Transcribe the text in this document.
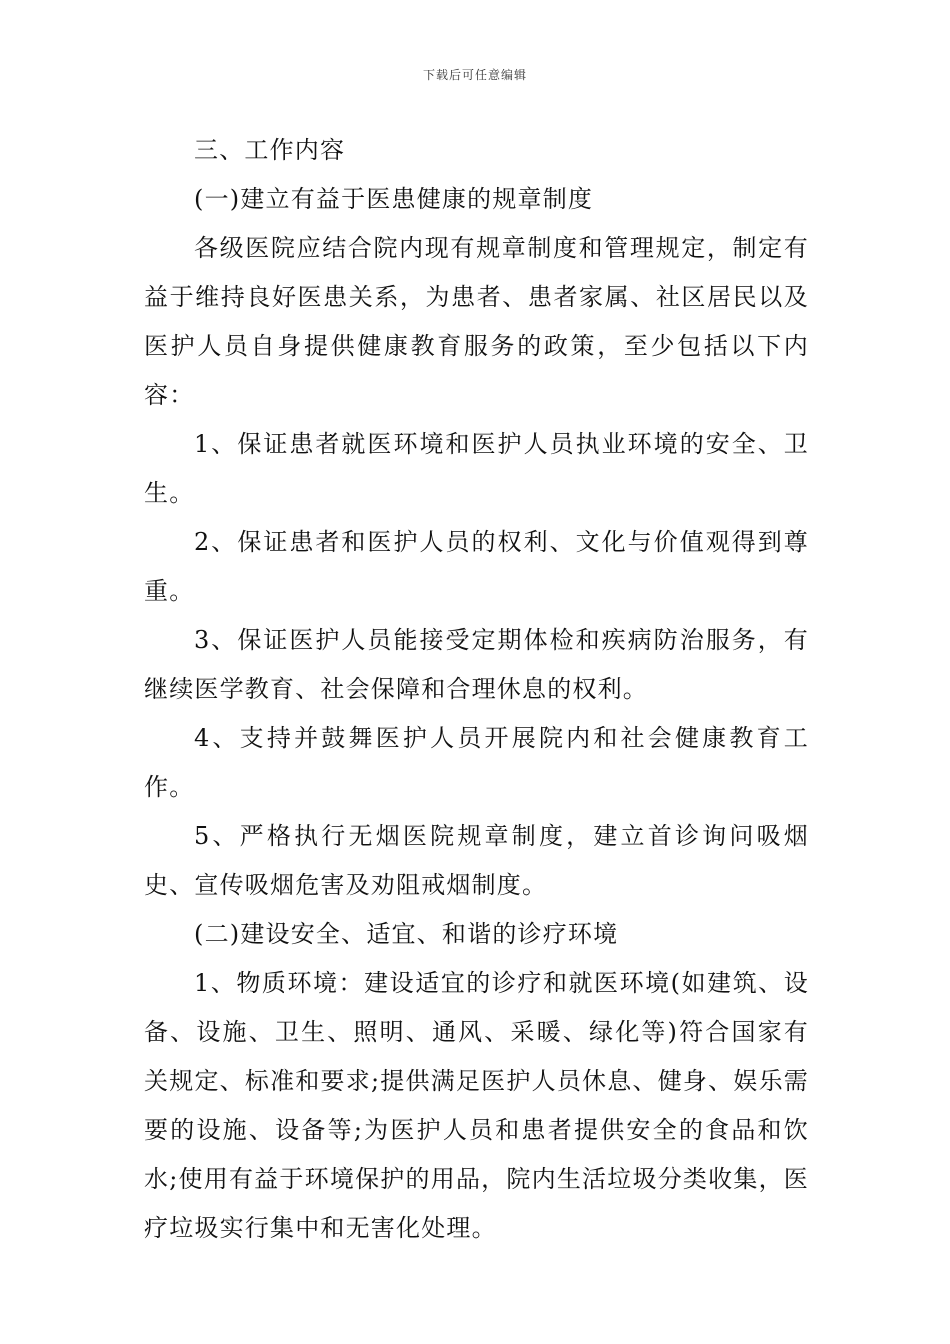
下载后可任意编辑

三、工作内容

(一)建立有益于医患健康的规章制度

各级医院应结合院内现有规章制度和管理规定，制定有益于维持良好医患关系，为患者、患者家属、社区居民以及医护人员自身提供健康教育服务的政策，至少包括以下内容：

1、保证患者就医环境和医护人员执业环境的安全、卫生。

2、保证患者和医护人员的权利、文化与价值观得到尊重。

3、保证医护人员能接受定期体检和疾病防治服务，有继续医学教育、社会保障和合理休息的权利。

4、支持并鼓舞医护人员开展院内和社会健康教育工作。

5、严格执行无烟医院规章制度，建立首诊询问吸烟史、宣传吸烟危害及劝阻戒烟制度。

(二)建设安全、适宜、和谐的诊疗环境

1、物质环境：建设适宜的诊疗和就医环境(如建筑、设备、设施、卫生、照明、通风、采暖、绿化等)符合国家有关规定、标准和要求;提供满足医护人员休息、健身、娱乐需要的设施、设备等;为医护人员和患者提供安全的食品和饮水;使用有益于环境保护的用品，院内生活垃圾分类收集，医疗垃圾实行集中和无害化处理。
